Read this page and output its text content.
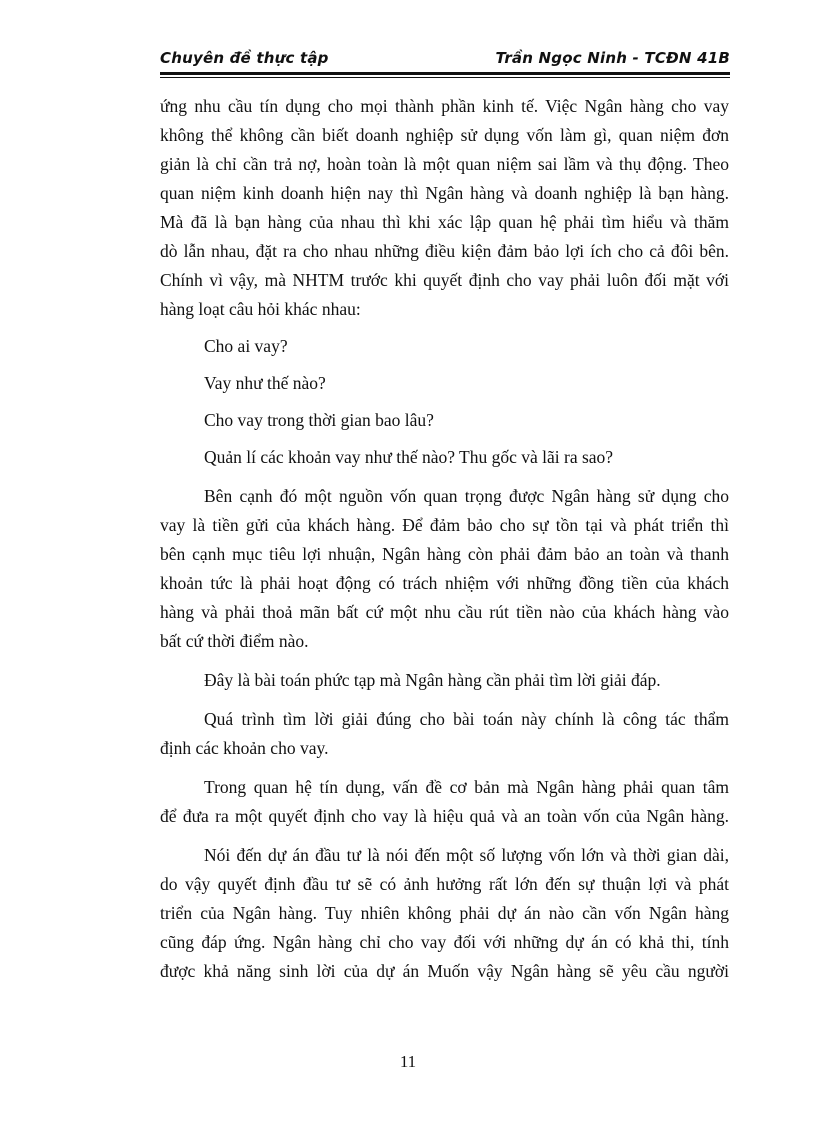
Chuyên đề thực tập	Trần Ngọc Ninh - TCĐN 41B

ứng nhu cầu tín dụng cho mọi thành phần kinh tế. Việc Ngân hàng cho vay
không thể không cần biết doanh nghiệp sử dụng vốn làm gì, quan niệm đơn
giản là chỉ cần trả nợ, hoàn toàn là một quan niệm sai lầm và thụ động. Theo
quan niệm kinh doanh hiện nay thì Ngân hàng và doanh nghiệp là bạn hàng.
Mà đã là bạn hàng của nhau thì khi xác lập quan hệ phải tìm hiểu và thăm
dò lẫn nhau, đặt ra cho nhau những điều kiện đảm bảo lợi ích cho cả đôi bên.
Chính vì vậy, mà NHTM trước khi quyết định cho vay phải luôn đối mặt với
hàng loạt câu hỏi khác nhau:

Cho ai vay?

Vay như thế nào?

Cho vay trong thời gian bao lâu?

Quản lí các khoản vay như thế nào? Thu gốc và lãi ra sao?

Bên cạnh đó một nguồn vốn quan trọng được Ngân hàng sử dụng cho
vay là tiền gửi của khách hàng. Để đảm bảo cho sự tồn tại và phát triển thì
bên cạnh mục tiêu lợi nhuận, Ngân hàng còn phải đảm bảo an toàn và thanh
khoản tức là phải hoạt động có trách nhiệm với những đồng tiền của khách
hàng và phải thoả mãn bất cứ một nhu cầu rút tiền nào của khách hàng vào
bất cứ thời điểm nào.

Đây là bài toán phức tạp mà Ngân hàng cần phải tìm lời giải đáp.

Quá trình tìm lời giải đúng cho bài toán này chính là công tác thẩm
định các khoản cho vay.

Trong quan hệ tín dụng, vấn đề cơ bản mà Ngân hàng phải quan tâm
để đưa ra một quyết định cho vay là hiệu quả và an toàn vốn của Ngân hàng.

Nói đến dự án đầu tư là nói đến một số lượng vốn lớn và thời gian dài,
do vậy quyết định đầu tư sẽ có ảnh hưởng rất lớn đến sự thuận lợi và phát
triển của Ngân hàng. Tuy nhiên không phải dự án nào cần vốn Ngân hàng
cũng đáp ứng. Ngân hàng chỉ cho vay đối với những dự án có khả thi, tính
được khả năng sinh lời của dự án Muốn vậy Ngân hàng sẽ yêu cầu người

11
